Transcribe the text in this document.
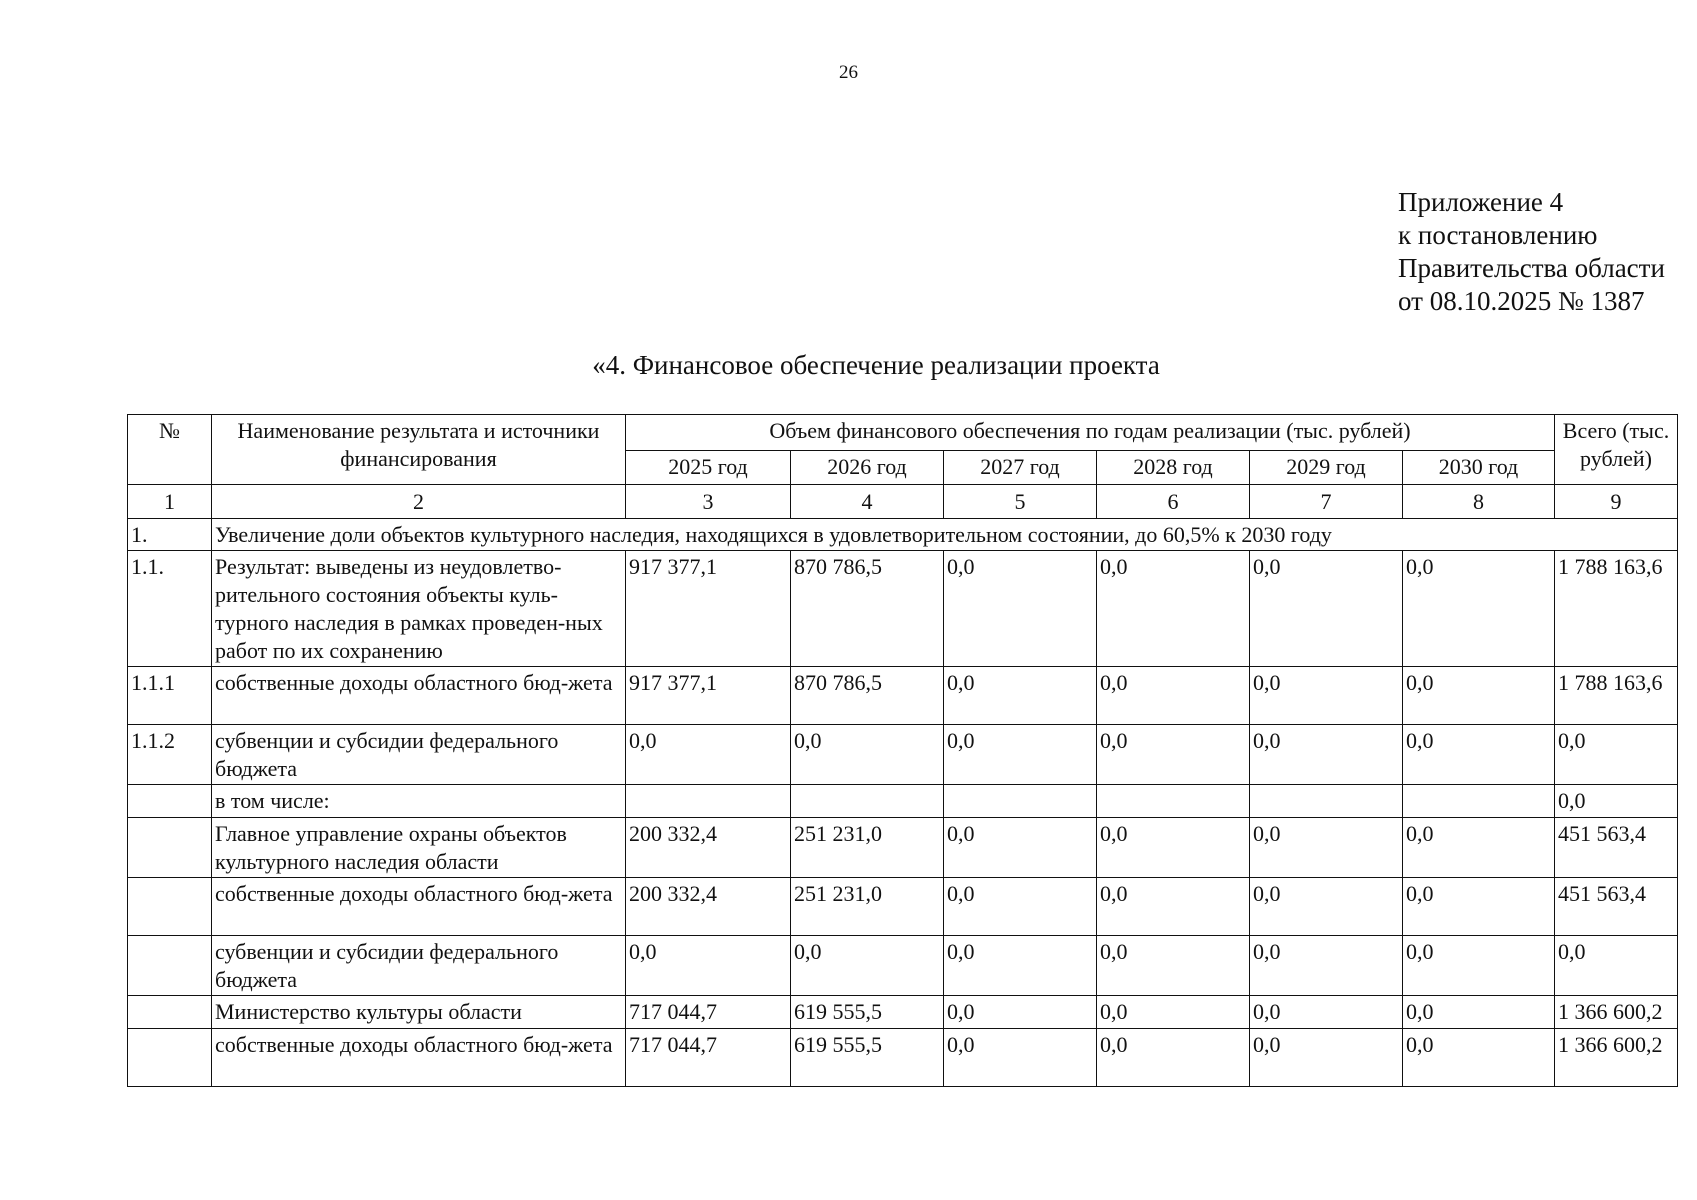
26
Приложение 4
к постановлению
Правительства области
от 08.10.2025 № 1387
«4. Финансовое обеспечение реализации проекта
№	Наименование результата и источники финансирования	Объем финансового обеспечения по годам реализации (тыс. рублей)						Всего (тыс. рублей)
		2025 год	2026 год	2027 год	2028 год	2029 год	2030 год	
1	2	3	4	5	6	7	8	9
1.	Увеличение доли объектов культурного наследия, находящихся в удовлетворительном состоянии, до 60,5% к 2030 году							
1.1.	Результат: выведены из неудовлетво-рительного состояния объекты куль-турного наследия в рамках проведен-ных работ по их сохранению	917 377,1	870 786,5	0,0	0,0	0,0	0,0	1 788 163,6
1.1.1	собственные доходы областного бюд-жета	917 377,1	870 786,5	0,0	0,0	0,0	0,0	1 788 163,6
1.1.2	субвенции и субсидии федерального бюджета	0,0	0,0	0,0	0,0	0,0	0,0	0,0
	в том числе:							0,0
	Главное управление охраны объектов культурного наследия области	200 332,4	251 231,0	0,0	0,0	0,0	0,0	451 563,4
	собственные доходы областного бюд-жета	200 332,4	251 231,0	0,0	0,0	0,0	0,0	451 563,4
	субвенции и субсидии федерального бюджета	0,0	0,0	0,0	0,0	0,0	0,0	0,0
	Министерство культуры области	717 044,7	619 555,5	0,0	0,0	0,0	0,0	1 366 600,2
	собственные доходы областного бюд-жета	717 044,7	619 555,5	0,0	0,0	0,0	0,0	1 366 600,2
